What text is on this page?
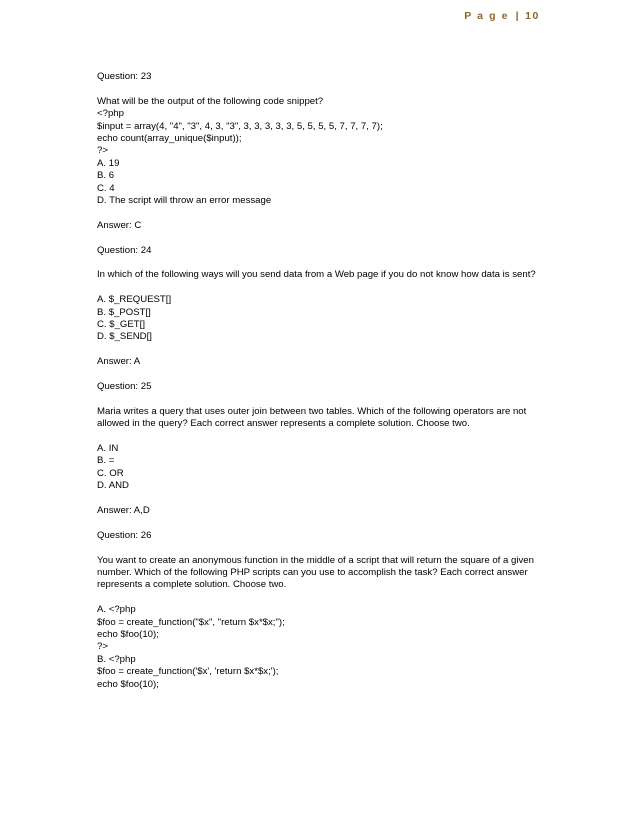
P a g e | 10

Question: 23

What will be the output of the following code snippet?

<?php

$input = array(4, "4", "3", 4, 3, "3", 3, 3, 3, 3, 3, 5, 5, 5, 5, 7, 7, 7, 7);

echo count(array_unique($input));

?>

A. 19

B. 6

C. 4

D. The script will throw an error message

Answer: C

Question: 24

In which of the following ways will you send data from a Web page if you do not know how data is sent?

A. $_REQUEST[]

B. $_POST[]

C. $_GET[]

D. $_SEND[]

Answer: A

Question: 25

Maria writes a query that uses outer join between two tables. Which of the following operators are not allowed in the query? Each correct answer represents a complete solution. Choose two.

A. IN

B. =

C. OR

D. AND

Answer: A,D

Question: 26

You want to create an anonymous function in the middle of a script that will return the square of a given number. Which of the following PHP scripts can you use to accomplish the task? Each correct answer represents a complete solution. Choose two.

A. <?php

$foo = create_function("$x", "return $x*$x;");

echo $foo(10);

?>

B. <?php

$foo = create_function('$x', 'return $x*$x;');

echo $foo(10);
